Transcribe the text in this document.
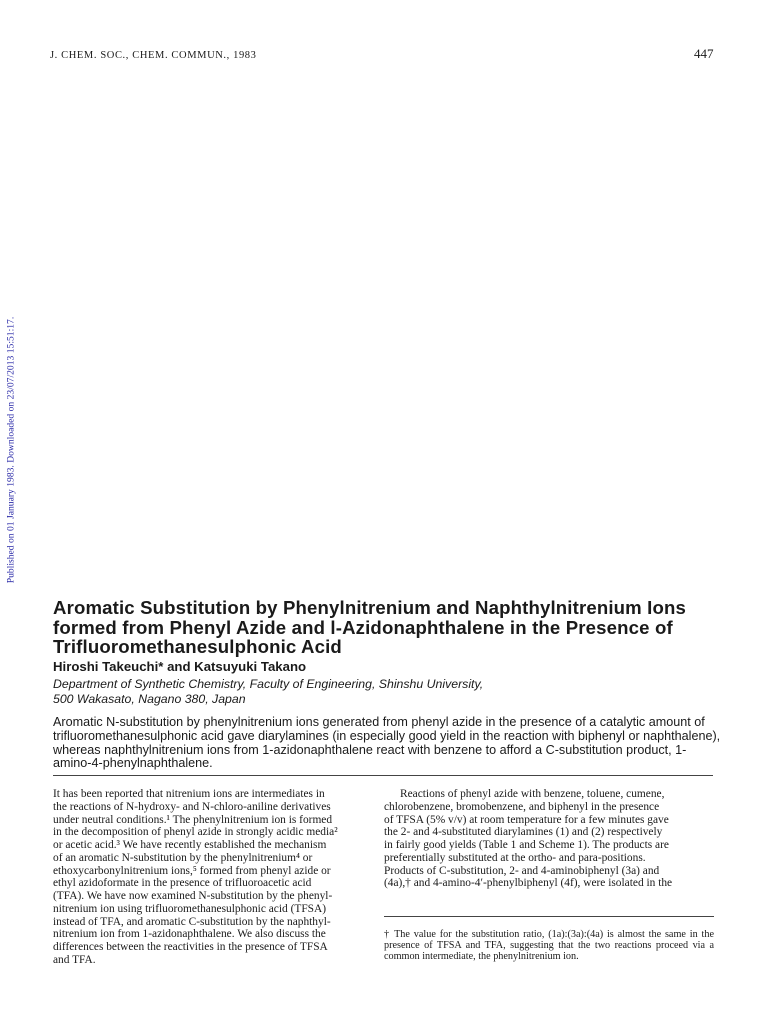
J. CHEM. SOC., CHEM. COMMUN., 1983	447
Published on 01 January 1983. Downloaded on 23/07/2013 15:51:17.
Aromatic Substitution by Phenylnitrenium and Naphthylnitrenium Ions formed from Phenyl Azide and l-Azidonaphthalene in the Presence of Trifluoromethanesulphonic Acid
Hiroshi Takeuchi* and Katsuyuki Takano
Department of Synthetic Chemistry, Faculty of Engineering, Shinshu University,
500 Wakasato, Nagano 380, Japan
Aromatic N-substitution by phenylnitrenium ions generated from phenyl azide in the presence of a catalytic amount of trifluoromethanesulphonic acid gave diarylamines (in especially good yield in the reaction with biphenyl or naphthalene), whereas naphthylnitrenium ions from 1-azidonaphthalene react with benzene to afford a C-substitution product, 1-amino-4-phenylnaphthalene.
It has been reported that nitrenium ions are intermediates in
the reactions of N-hydroxy- and N-chloro-aniline derivatives
under neutral conditions.¹ The phenylnitrenium ion is formed
in the decomposition of phenyl azide in strongly acidic media²
or acetic acid.³ We have recently established the mechanism
of an aromatic N-substitution by the phenylnitrenium⁴ or
ethoxycarbonylnitrenium ions,⁵ formed from phenyl azide or
ethyl azidoformate in the presence of trifluoroacetic acid
(TFA). We have now examined N-substitution by the phenyl-
nitrenium ion using trifluoromethanesulphonic acid (TFSA)
instead of TFA, and aromatic C-substitution by the naphthyl-
nitrenium ion from 1-azidonaphthalene. We also discuss the
differences between the reactivities in the presence of TFSA
and TFA.
Reactions of phenyl azide with benzene, toluene, cumene,
chlorobenzene, bromobenzene, and biphenyl in the presence
of TFSA (5% v/v) at room temperature for a few minutes gave
the 2- and 4-substituted diarylamines (1) and (2) respectively
in fairly good yields (Table 1 and Scheme 1). The products are
preferentially substituted at the ortho- and para-positions.
Products of C-substitution, 2- and 4-aminobiphenyl (3a) and
(4a),† and 4-amino-4′-phenylbiphenyl (4f), were isolated in the
† The value for the substitution ratio, (1a):(3a):(4a) is almost the same in the presence of TFSA and TFA, suggesting that the two reactions proceed via a common intermediate, the phenylnitrenium ion.
